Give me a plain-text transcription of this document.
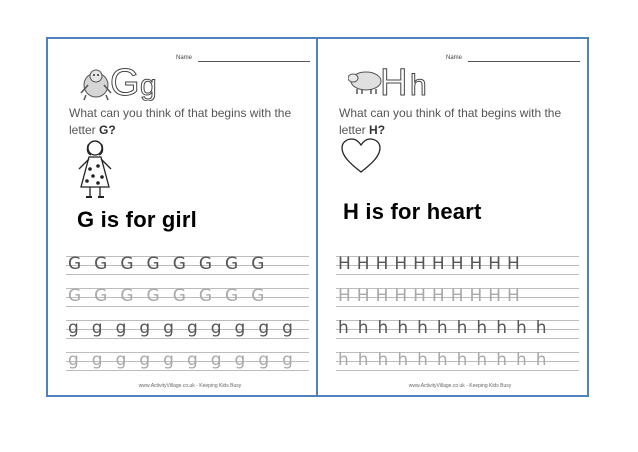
Name
G g
What can you think of that begins with the letter G?
G is for girl
GGGGGGGG
GGGGGGGG
gggggggggg
gggggggggg
www.ActivityVillage.co.uk - Keeping Kids Busy
Name
H h
What can you think of that begins with the letter H?
H is for heart
HHHHHHHHHH
HHHHHHHHHH
hhhhhhhhhhh
hhhhhhhhhhh
www.ActivityVillage.co.uk - Keeping Kids Busy
